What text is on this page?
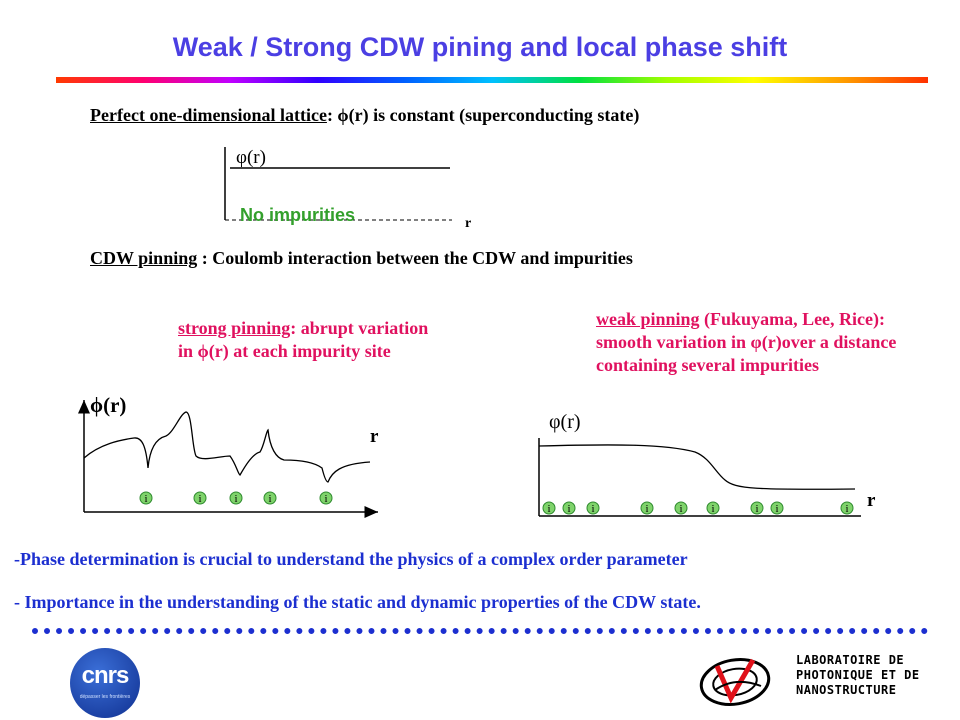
Weak / Strong CDW pining and local phase shift
Perfect one-dimensional lattice: ϕ(r) is constant (superconducting state)
φ(r)
r
No impurities
CDW pinning : Coulomb interaction between the CDW and impurities
strong pinning: abrupt variation in ϕ(r) at each impurity site
weak pinning (Fukuyama, Lee, Rice): smooth variation in φ(r)over a distance containing several impurities
ϕ(r)
r
i	i	i	i	i
φ(r)
r
i i i	i	i	i	i i	i
-Phase determination is crucial to understand the physics of a complex order parameter
- Importance in the understanding of the static and dynamic properties of the CDW state.
cnrs
dépasser les frontières
LABORATOIRE DE
PHOTONIQUE ET DE
NANOSTRUCTURE
